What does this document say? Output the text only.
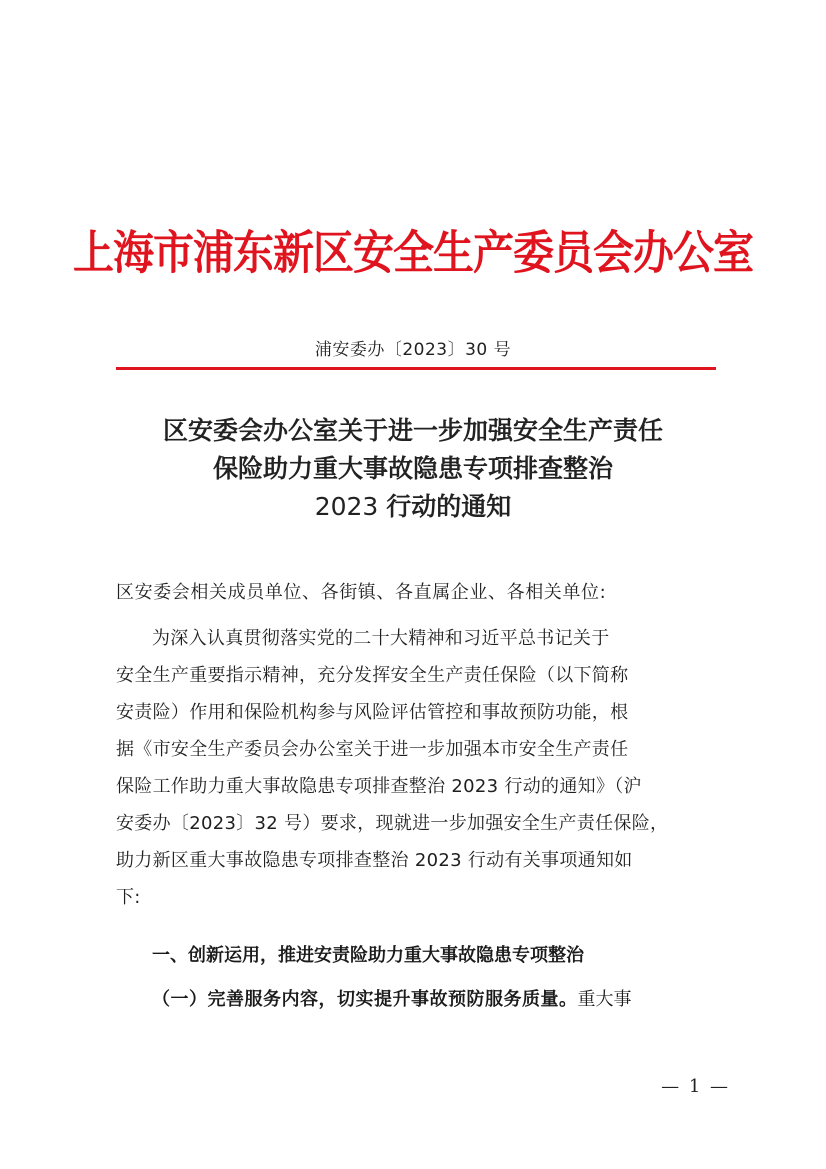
上海市浦东新区安全生产委员会办公室
浦安委办〔2023〕30 号
区安委会办公室关于进一步加强安全生产责任
保险助力重大事故隐患专项排查整治
2023 行动的通知
区安委会相关成员单位、各街镇、各直属企业、各相关单位:
为深入认真贯彻落实党的二十大精神和习近平总书记关于
安全生产重要指示精神，充分发挥安全生产责任保险（以下简称
安责险）作用和保险机构参与风险评估管控和事故预防功能，根
据《市安全生产委员会办公室关于进一步加强本市安全生产责任
保险工作助力重大事故隐患专项排查整治 2023 行动的通知》（沪
安委办〔2023〕32 号）要求，现就进一步加强安全生产责任保险，
助力新区重大事故隐患专项排查整治 2023 行动有关事项通知如
下:
一、创新运用，推进安责险助力重大事故隐患专项整治
（一）完善服务内容，切实提升事故预防服务质量。重大事
— 1 —
